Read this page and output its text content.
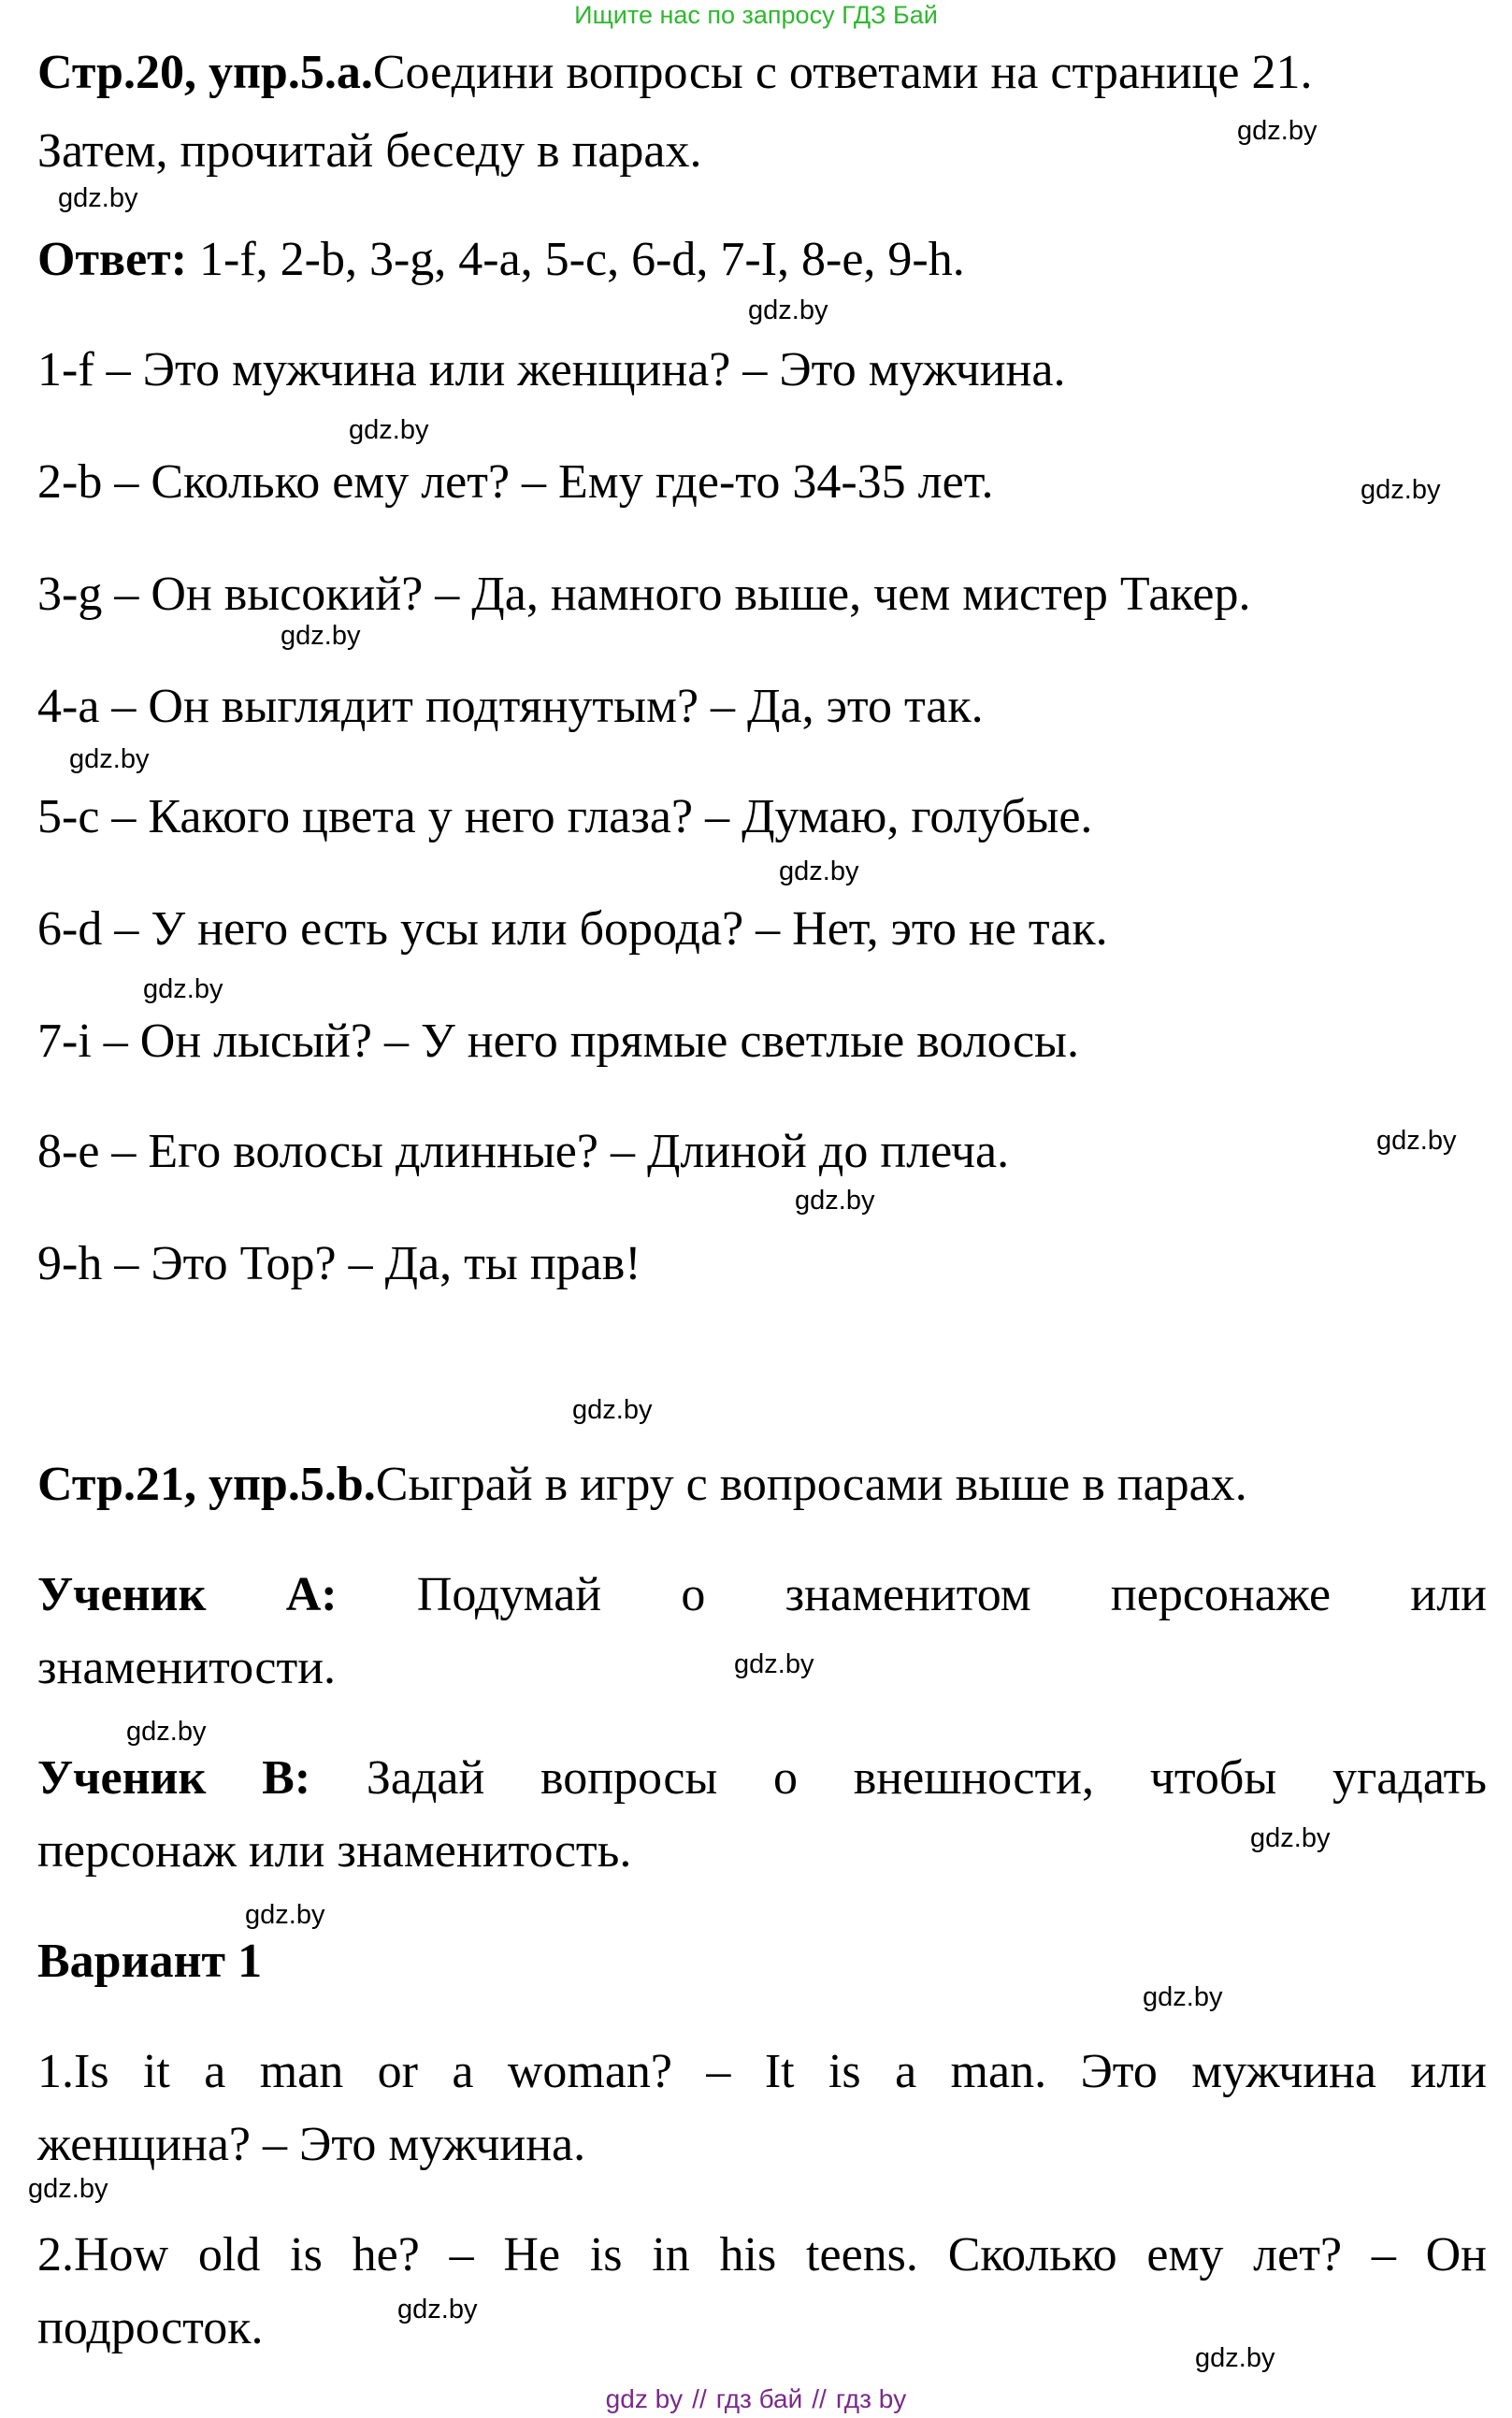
Ищите нас по запросу ГДЗ Бай
Стр.20, упр.5.a.Соедини вопросы с ответами на странице 21.
Затем, прочитай беседу в парах.
Ответ: 1-f, 2-b, 3-g, 4-a, 5-c, 6-d, 7-I, 8-e, 9-h.
1-f – Это мужчина или женщина? – Это мужчина.
2-b – Сколько ему лет? – Ему где-то 34-35 лет.
3-g – Он высокий? – Да, намного выше, чем мистер Такер.
4-a – Он выглядит подтянутым? – Да, это так.
5-c – Какого цвета у него глаза? – Думаю, голубые.
6-d – У него есть усы или борода? – Нет, это не так.
7-i – Он лысый? – У него прямые светлые волосы.
8-e – Его волосы длинные? – Длиной до плеча.
9-h – Это Тор? – Да, ты прав!
Стр.21, упр.5.b.Сыграй в игру с вопросами выше в парах.
Ученик А: Подумай о знаменитом персонаже или
знаменитости.
Ученик В: Задай вопросы о внешности, чтобы угадать
персонаж или знаменитость.
Вариант 1
1.Is it a man or a woman? – It is a man. Это мужчина или
женщина? – Это мужчина.
2.How old is he? – He is in his teens. Сколько ему лет? – Он
подросток.
gdz.by
gdz.by
gdz.by
gdz.by
gdz.by
gdz.by
gdz.by
gdz.by
gdz.by
gdz.by
gdz.by
gdz.by
gdz.by
gdz.by
gdz.by
gdz.by
gdz.by
gdz.by
gdz.by
gdz.by
gdz by // гдз бай // гдз by
